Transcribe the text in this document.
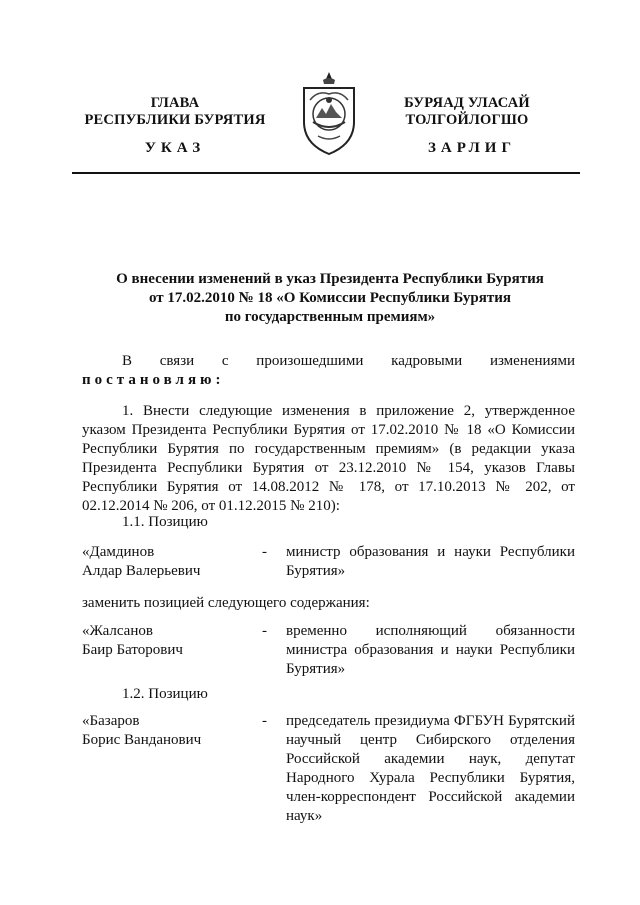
ГЛАВА
РЕСПУБЛИКИ БУРЯТИЯ
БУРЯАД УЛАСАЙ
ТОЛГОЙЛОГШО
УКАЗ	ЗАРЛИГ
О внесении изменений в указ Президента Республики Бурятия
от 17.02.2010 № 18 «О Комиссии Республики Бурятия
по государственным премиям»
В связи с произошедшими кадровыми изменениями
постановляю:
1. Внести следующие изменения в приложение 2, утвержденное указом Президента Республики Бурятия от 17.02.2010 № 18 «О Комиссии Республики Бурятия по государственным премиям» (в редакции указа Президента Республики Бурятия от 23.12.2010 № 154, указов Главы Республики Бурятия от 14.08.2012 № 178, от 17.10.2013 № 202, от 02.12.2014 № 206, от 01.12.2015 № 210):
1.1. Позицию
«Дамдинов
Алдар Валерьевич
- министр образования и науки Республики Бурятия»
заменить позицией следующего содержания:
«Жалсанов
Баир Баторович
- временно исполняющий обязанности министра образования и науки Республики Бурятия»
1.2. Позицию
«Базаров
Борис Ванданович
- председатель президиума ФГБУН Бурятский научный центр Сибирского отделения Российской академии наук, депутат Народного Хурала Республики Бурятия, член-корреспондент Российской академии наук»
